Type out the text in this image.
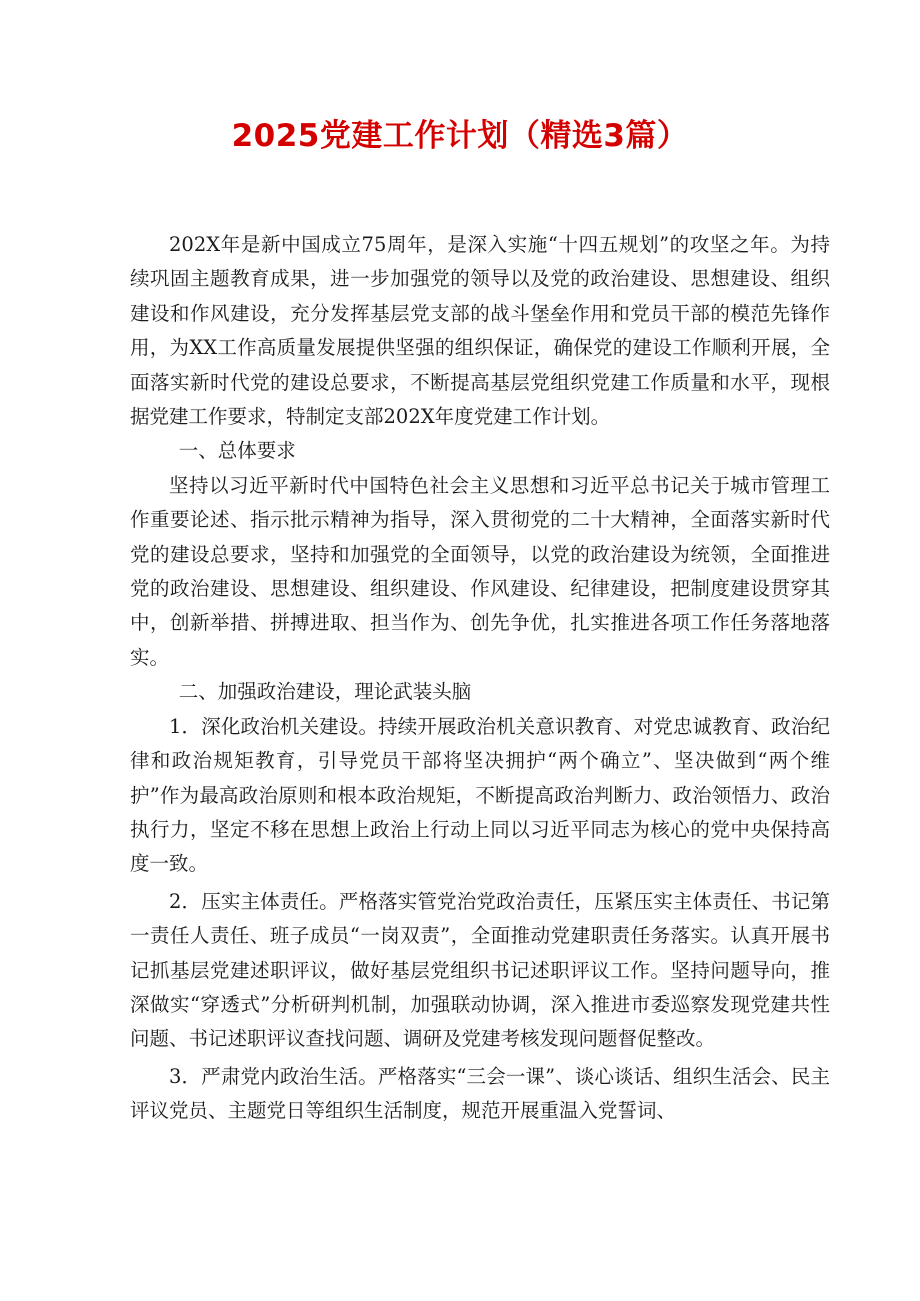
2025党建工作计划（精选3篇）

202X年是新中国成立75周年，是深入实施“十四五规划”的攻坚之年。为持续巩固主题教育成果，进一步加强党的领导以及党的政治建设、思想建设、组织建设和作风建设，充分发挥基层党支部的战斗堡垒作用和党员干部的模范先锋作用，为XX工作高质量发展提供坚强的组织保证，确保党的建设工作顺利开展，全面落实新时代党的建设总要求，不断提高基层党组织党建工作质量和水平，现根据党建工作要求，特制定支部202X年度党建工作计划。

一、总体要求

坚持以习近平新时代中国特色社会主义思想和习近平总书记关于城市管理工作重要论述、指示批示精神为指导，深入贯彻党的二十大精神，全面落实新时代党的建设总要求，坚持和加强党的全面领导，以党的政治建设为统领，全面推进党的政治建设、思想建设、组织建设、作风建设、纪律建设，把制度建设贯穿其中，创新举措、拼搏进取、担当作为、创先争优，扎实推进各项工作任务落地落实。

二、加强政治建设，理论武装头脑

1．深化政治机关建设。持续开展政治机关意识教育、对党忠诚教育、政治纪律和政治规矩教育，引导党员干部将坚决拥护“两个确立”、坚决做到“两个维护”作为最高政治原则和根本政治规矩，不断提高政治判断力、政治领悟力、政治执行力，坚定不移在思想上政治上行动上同以习近平同志为核心的党中央保持高度一致。

2．压实主体责任。严格落实管党治党政治责任，压紧压实主体责任、书记第一责任人责任、班子成员“一岗双责”，全面推动党建职责任务落实。认真开展书记抓基层党建述职评议，做好基层党组织书记述职评议工作。坚持问题导向，推深做实“穿透式”分析研判机制，加强联动协调，深入推进市委巡察发现党建共性问题、书记述职评议查找问题、调研及党建考核发现问题督促整改。

3．严肃党内政治生活。严格落实“三会一课”、谈心谈话、组织生活会、民主评议党员、主题党日等组织生活制度，规范开展重温入党誓词、
